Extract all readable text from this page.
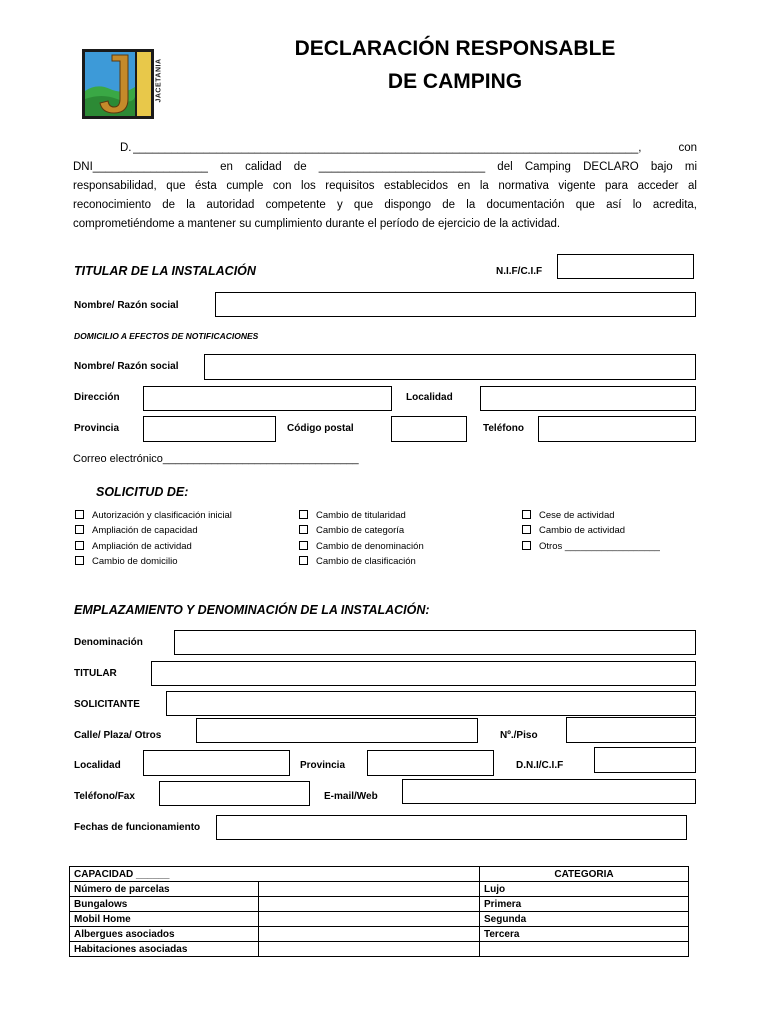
JACETANIA
DECLARACIÓN RESPONSABLE
DE CAMPING
D. _______________________________________________________________________________,	con
DNI__________________ en calidad de __________________________ del Camping DECLARO bajo mi
responsabilidad, que ésta cumple con los requisitos establecidos en la normativa vigente para acceder al
reconocimiento de la autoridad competente y que dispongo de la documentación que así lo acredita,
comprometiéndome a mantener su cumplimiento durante el período de ejercicio de la actividad.
TITULAR DE LA INSTALACIÓN	N.I.F/C.I.F
Nombre/ Razón social
DOMICILIO A EFECTOS DE NOTIFICACIONES
Nombre/ Razón social
Dirección	Localidad
Provincia	Código postal	Teléfono
Correo electrónico________________________________
SOLICITUD DE:
Autorización y clasificación inicial
Ampliación de capacidad
Ampliación de actividad
Cambio de domicilio
Cambio de titularidad
Cambio de categoría
Cambio de denominación
Cambio de clasificación
Cese de actividad
Cambio de actividad
Otros __________________
EMPLAZAMIENTO Y DENOMINACIÓN DE LA INSTALACIÓN:
Denominación
TITULAR
SOLICITANTE
Calle/ Plaza/ Otros	Nº./Piso
Localidad	Provincia	D.N.I/C.I.F
Teléfono/Fax	E-mail/Web
Fechas de funcionamiento
CAPACIDAD ______		CATEGORIA
Número de parcelas		Lujo
Bungalows		Primera
Mobil Home		Segunda
Albergues asociados		Tercera
Habitaciones asociadas		
